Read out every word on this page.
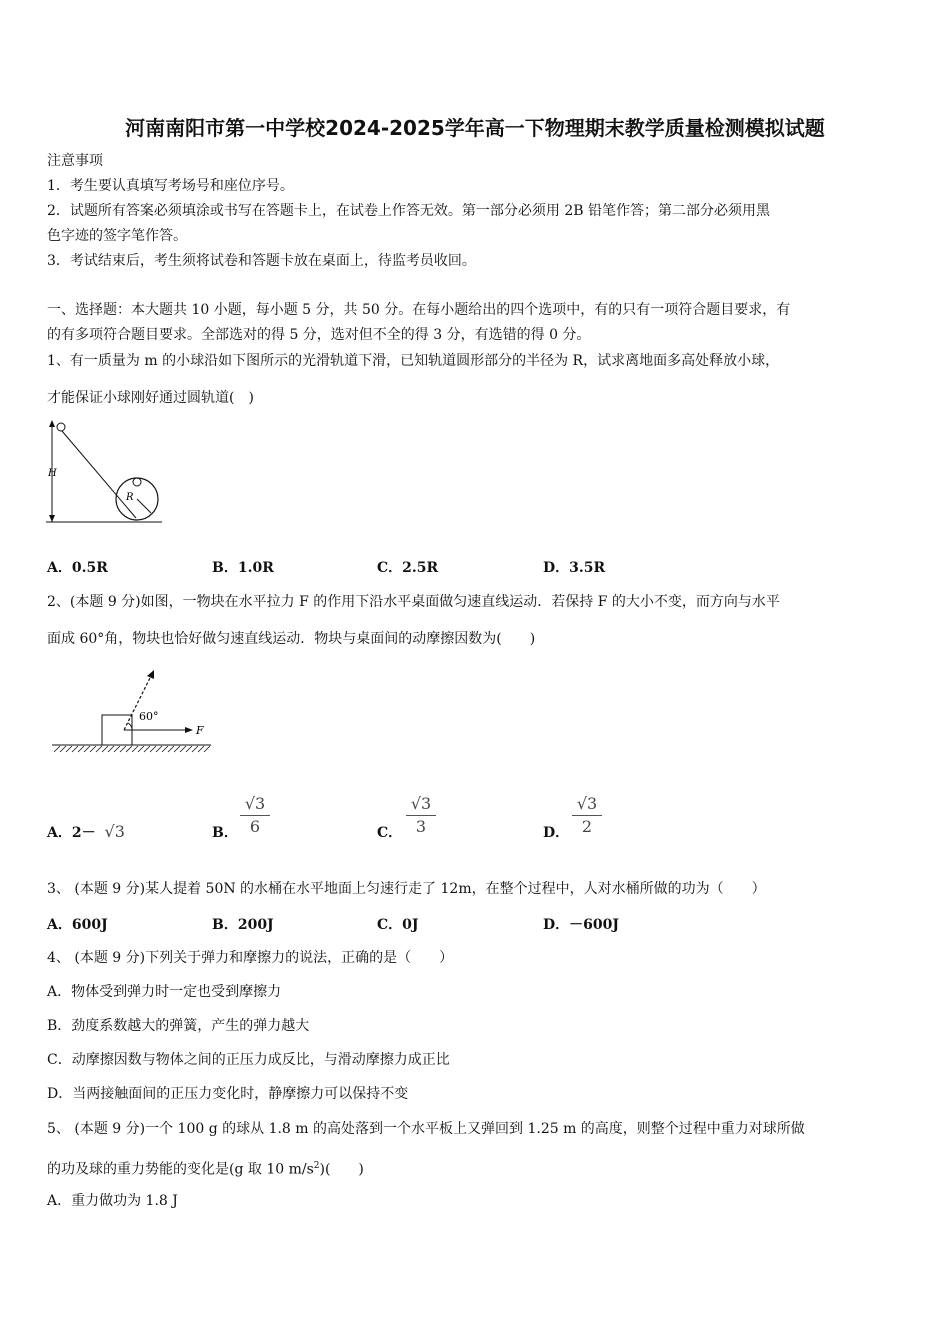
河南南阳市第一中学校2024-2025学年高一下物理期末教学质量检测模拟试题
注意事项
1．考生要认真填写考场号和座位序号。
2．试题所有答案必须填涂或书写在答题卡上，在试卷上作答无效。第一部分必须用 2B 铅笔作答；第二部分必须用黑
色字迹的签字笔作答。
3．考试结束后，考生须将试卷和答题卡放在桌面上，待监考员收回。
一、选择题：本大题共 10 小题，每小题 5 分，共 50 分。在每小题给出的四个选项中，有的只有一项符合题目要求，有
的有多项符合题目要求。全部选对的得 5 分，选对但不全的得 3 分，有选错的得 0 分。
1、有一质量为 m 的小球沿如下图所示的光滑轨道下滑，已知轨道圆形部分的半径为 R，试求离地面多高处释放小球，
才能保证小球刚好通过圆轨道(　)
H
R
A．0.5R	B．1.0R	C．2.5R	D．3.5R
2、(本题 9 分)如图，一物块在水平拉力 F 的作用下沿水平桌面做匀速直线运动．若保持 F 的大小不变，而方向与水平
面成 60°角，物块也恰好做匀速直线运动．物块与桌面间的动摩擦因数为(　　)
60°
F
A．2－ √3	B．
√3
6	C．
√3
3	D．
√3
2
3、 (本题 9 分)某人提着 50N 的水桶在水平地面上匀速行走了 12m，在整个过程中，人对水桶所做的功为（　　）
A．600J	B．200J	C．0J	D．－600J
4、 (本题 9 分)下列关于弹力和摩擦力的说法，正确的是（　　）
A．物体受到弹力时一定也受到摩擦力
B．劲度系数越大的弹簧，产生的弹力越大
C．动摩擦因数与物体之间的正压力成反比，与滑动摩擦力成正比
D．当两接触面间的正压力变化时，静摩擦力可以保持不变
5、 (本题 9 分)一个 100 g 的球从 1.8 m 的高处落到一个水平板上又弹回到 1.25 m 的高度，则整个过程中重力对球所做
的功及球的重力势能的变化是(g 取 10 $m/s^2$)(　　)
A．重力做功为 1.8 J
